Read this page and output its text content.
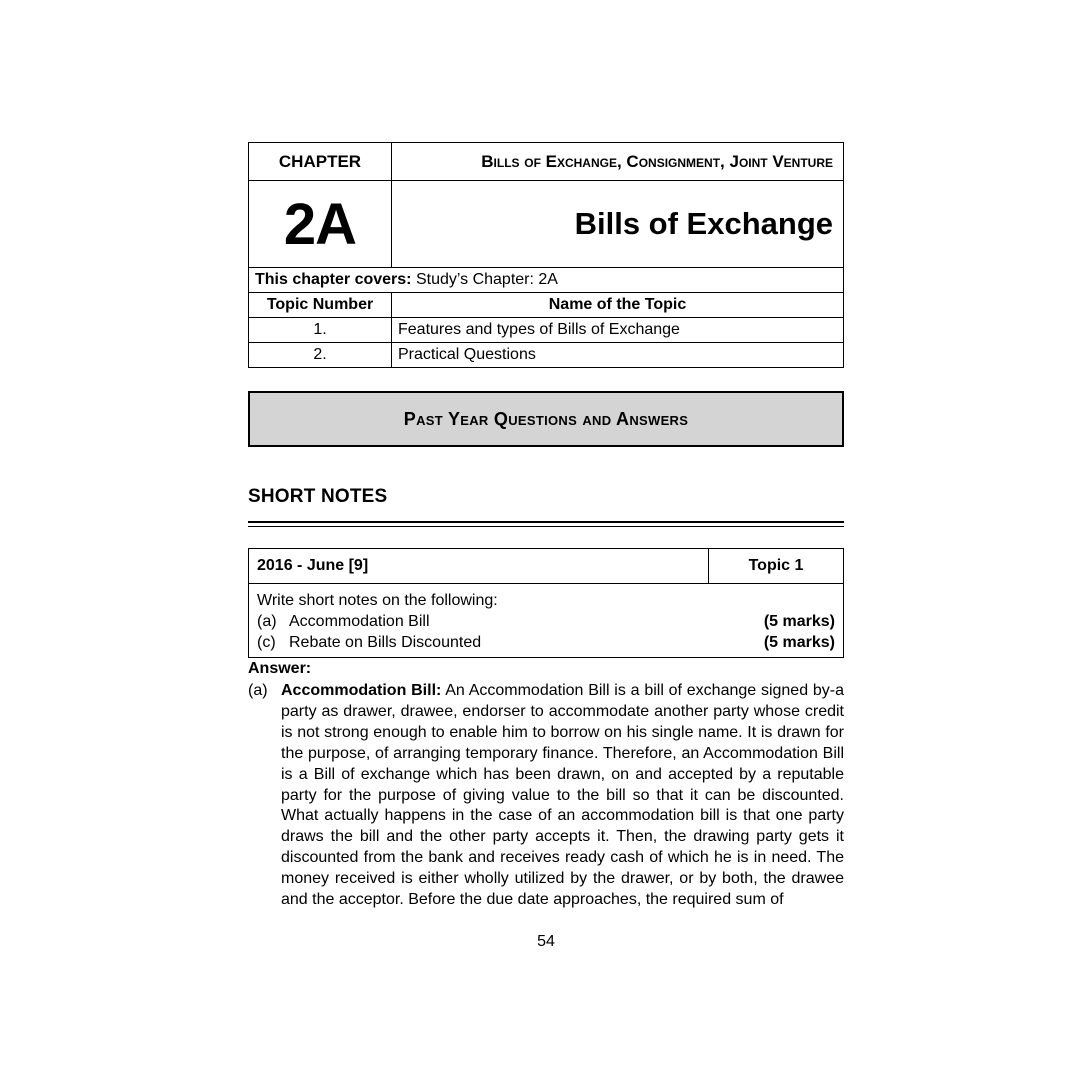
CHAPTER	Bills of Exchange, Consignment, Joint Venture
2A	Bills of Exchange
This chapter covers: Study’s Chapter: 2A	
Topic Number	Name of the Topic
1.	Features and types of Bills of Exchange
2.	Practical Questions
Past Year Questions and Answers
SHORT NOTES
2016 - June [9]	Topic 1

Write short notes on the following:
(a) Accommodation Bill	(5 marks)
(c) Rebate on Bills Discounted	(5 marks)
Answer:
(a) Accommodation Bill: An Accommodation Bill is a bill of exchange signed by-a party as drawer, drawee, endorser to accommodate another party whose credit is not strong enough to enable him to borrow on his single name. It is drawn for the purpose, of arranging temporary finance. Therefore, an Accommodation Bill is a Bill of exchange which has been drawn, on and accepted by a reputable party for the purpose of giving value to the bill so that it can be discounted. What actually happens in the case of an accommodation bill is that one party draws the bill and the other party accepts it. Then, the drawing party gets it discounted from the bank and receives ready cash of which he is in need. The money received is either wholly utilized by the drawer, or by both, the drawee and the acceptor. Before the due date approaches, the required sum of
54
